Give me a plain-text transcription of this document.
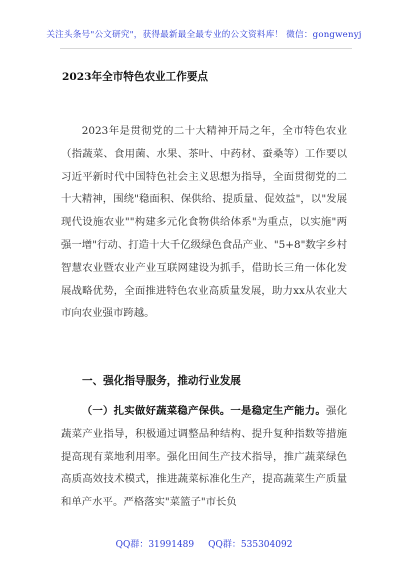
关注头条号"公文研究"，获得最新最全最专业的公文资料库！ 微信：gongwenyj
2023年全市特色农业工作要点

2023年是贯彻党的二十大精神开局之年，全市特色农业（指蔬菜、食用菌、水果、茶叶、中药材、蚕桑等）工作要以习近平新时代中国特色社会主义思想为指导，全面贯彻党的二十大精神，围绕"稳面积、保供给、提质量、促效益"，以"发展现代设施农业""构建多元化食物供给体系"为重点，以实施"两强一增"行动、打造十大千亿级绿色食品产业、"5+8"数字乡村智慧农业暨农业产业互联网建设为抓手，借助长三角一体化发展战略优势，全面推进特色农业高质量发展，助力xx从农业大市向农业强市跨越。

一、强化指导服务，推动行业发展

（一）扎实做好蔬菜稳产保供。一是稳定生产能力。强化蔬菜产业指导，积极通过调整品种结构、提升复种指数等措施提高现有菜地利用率。强化田间生产技术指导，推广蔬菜绿色高质高效技术模式，推进蔬菜标准化生产，提高蔬菜生产质量和单产水平。严格落实"菜篮子"市长负

QQ群：31991489 QQ群：535304092
